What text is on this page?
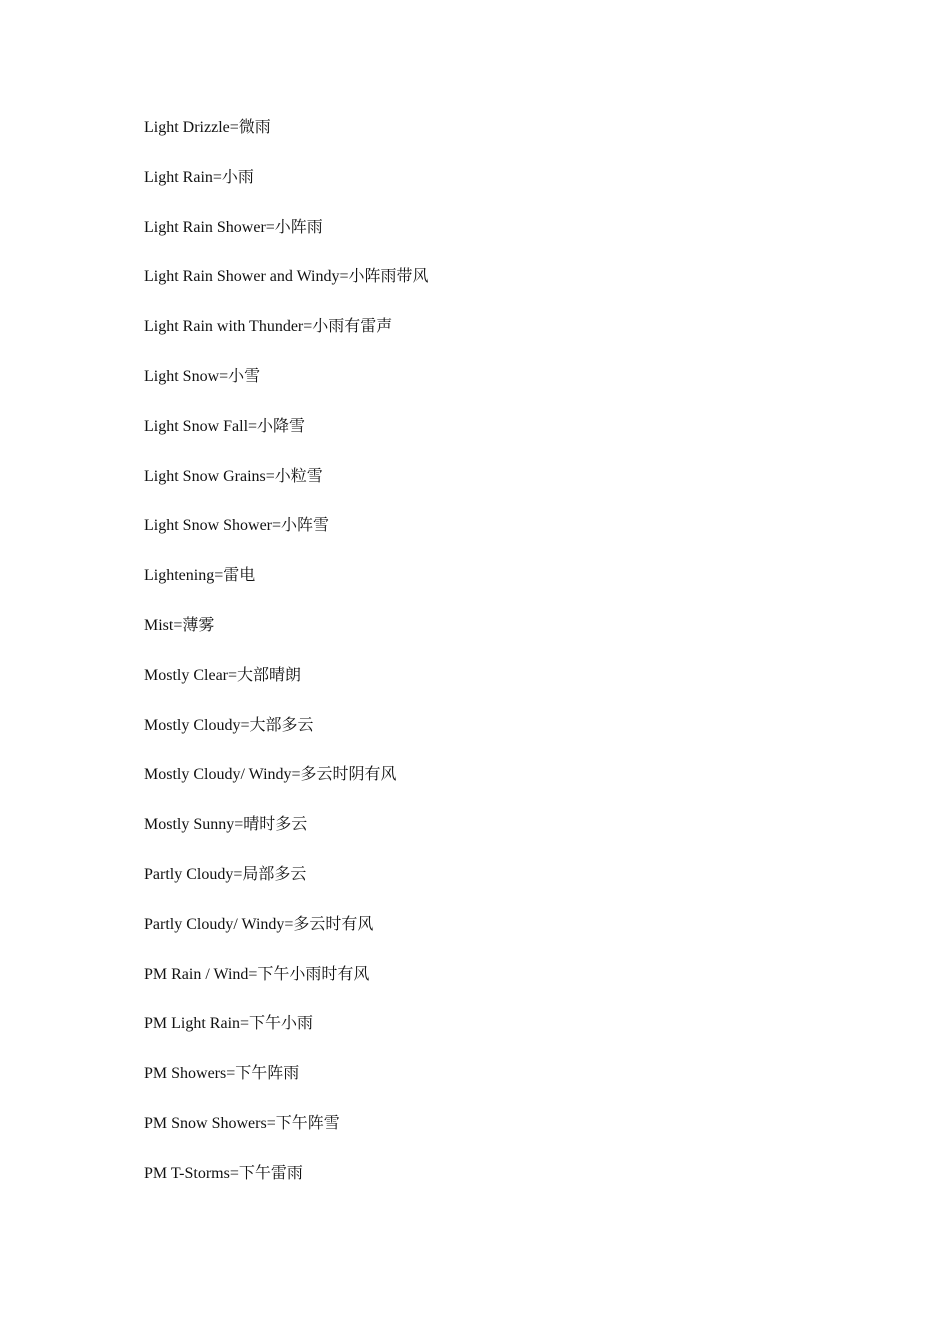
Light Drizzle=微雨
Light Rain=小雨
Light Rain Shower=小阵雨
Light Rain Shower and Windy=小阵雨带风
Light Rain with Thunder=小雨有雷声
Light Snow=小雪
Light Snow Fall=小降雪
Light Snow Grains=小粒雪
Light Snow Shower=小阵雪
Lightening=雷电
Mist=薄雾
Mostly Clear=大部晴朗
Mostly Cloudy=大部多云
Mostly Cloudy/ Windy=多云时阴有风
Mostly Sunny=晴时多云
Partly Cloudy=局部多云
Partly Cloudy/ Windy=多云时有风
PM Rain / Wind=下午小雨时有风
PM Light Rain=下午小雨
PM Showers=下午阵雨
PM Snow Showers=下午阵雪
PM T-Storms=下午雷雨
